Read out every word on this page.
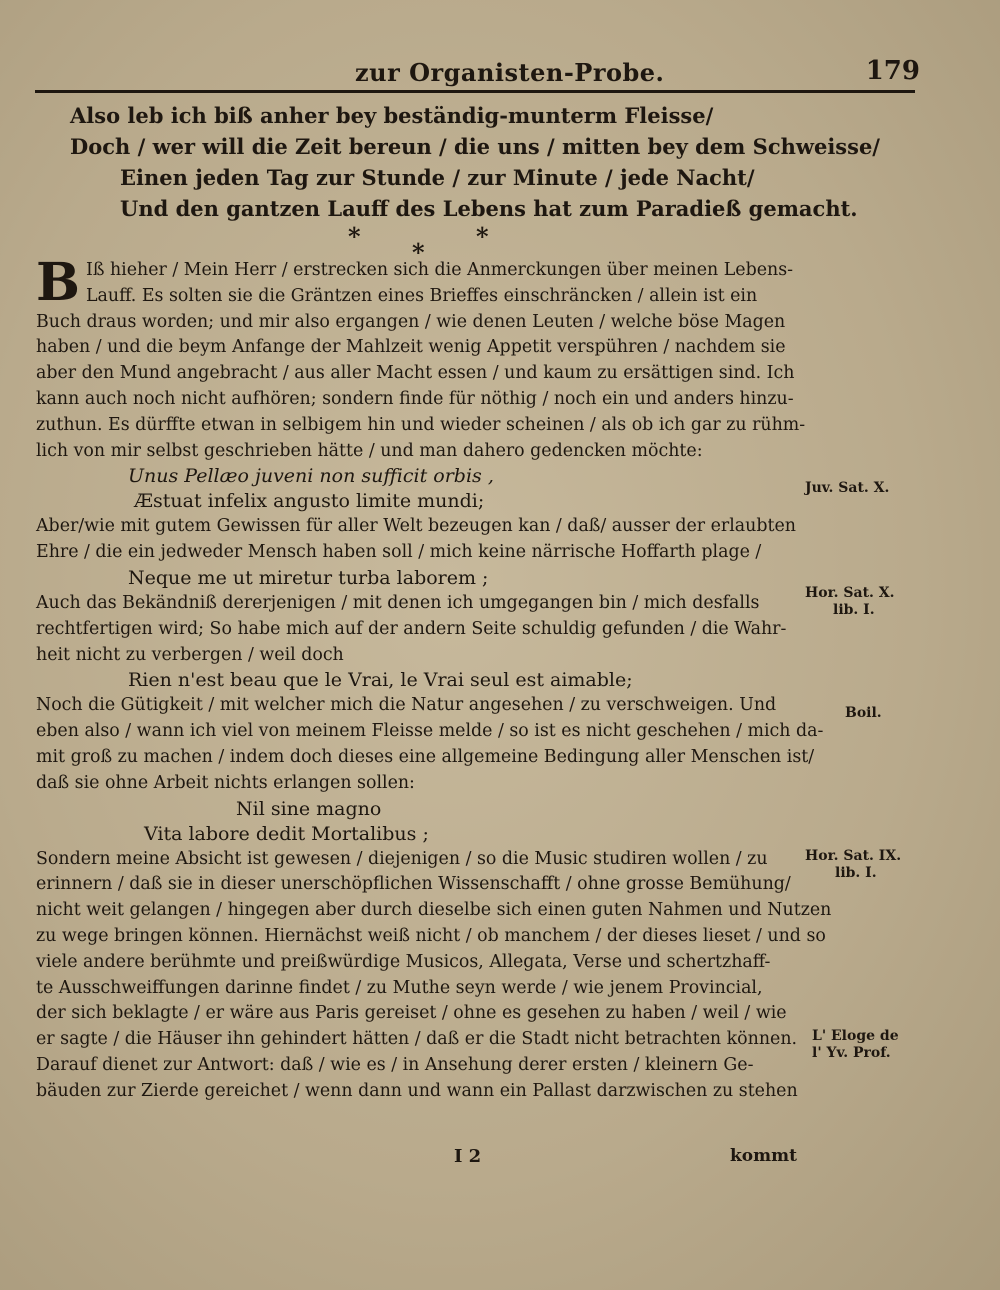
zur Organisten-Probe.	179
Also leb ich biß anher bey beständig-munterm Fleisse/
Doch / wer will die Zeit bereun / die uns / mitten bey dem Schweisse/
Einen jeden Tag zur Stunde / zur Minute / jede Nacht/
Und den gantzen Lauff des Lebens hat zum Paradieß gemacht.
*
*
*
B Iß hieher / Mein Herr / erstrecken sich die Anmerckungen über meinen Lebens-
Lauff. Es solten sie die Gräntzen eines Brieffes einschräncken / allein ist ein
Buch draus worden; und mir also ergangen / wie denen Leuten / welche böse Magen
haben / und die beym Anfange der Mahlzeit wenig Appetit verspühren / nachdem sie
aber den Mund angebracht / aus aller Macht essen / und kaum zu ersättigen sind. Ich
kann auch noch nicht aufhören; sondern finde für nöthig / noch ein und anders hinzu-
zuthun. Es dürffte etwan in selbigem hin und wieder scheinen / als ob ich gar zu rühm-
lich von mir selbst geschrieben hätte / und man dahero gedencken möchte:
Unus Pellæo juveni non sufficit orbis ,
Æstuat infelix angusto limite mundi;
Aber/wie mit gutem Gewissen für aller Welt bezeugen kan / daß/ ausser der erlaubten
Ehre / die ein jedweder Mensch haben soll / mich keine närrische Hoffarth plage /
Neque me ut miretur turba laborem ;
Auch das Bekändniß dererjenigen / mit denen ich umgegangen bin / mich desfalls
rechtfertigen wird; So habe mich auf der andern Seite schuldig gefunden / die Wahr-
heit nicht zu verbergen / weil doch
Rien n'est beau que le Vrai, le Vrai seul est aimable;
Noch die Gütigkeit / mit welcher mich die Natur angesehen / zu verschweigen. Und
eben also / wann ich viel von meinem Fleisse melde / so ist es nicht geschehen / mich da-
mit groß zu machen / indem doch dieses eine allgemeine Bedingung aller Menschen ist/
daß sie ohne Arbeit nichts erlangen sollen:
Nil sine magno
Vita labore dedit Mortalibus ;
Sondern meine Absicht ist gewesen / diejenigen / so die Music studiren wollen / zu
erinnern / daß sie in dieser unerschöpflichen Wissenschafft / ohne grosse Bemühung/
nicht weit gelangen / hingegen aber durch dieselbe sich einen guten Nahmen und Nutzen
zu wege bringen können. Hiernächst weiß nicht / ob manchem / der dieses lieset / und so
viele andere berühmte und preißwürdige Musicos, Allegata, Verse und schertzhaff-
te Ausschweiffungen darinne findet / zu Muthe seyn werde / wie jenem Provincial,
der sich beklagte / er wäre aus Paris gereiset / ohne es gesehen zu haben / weil / wie
er sagte / die Häuser ihn gehindert hätten / daß er die Stadt nicht betrachten können.
Darauf dienet zur Antwort: daß / wie es / in Ansehung derer ersten / kleinern Ge-
bäuden zur Zierde gereichet / wenn dann und wann ein Pallast darzwischen zu stehen
Juv. Sat. X.
Hor. Sat. X.
lib. I.
Boil.
Hor. Sat. IX.
lib. I.
L' Eloge de
l' Yv. Prof.
I 2	kommt
